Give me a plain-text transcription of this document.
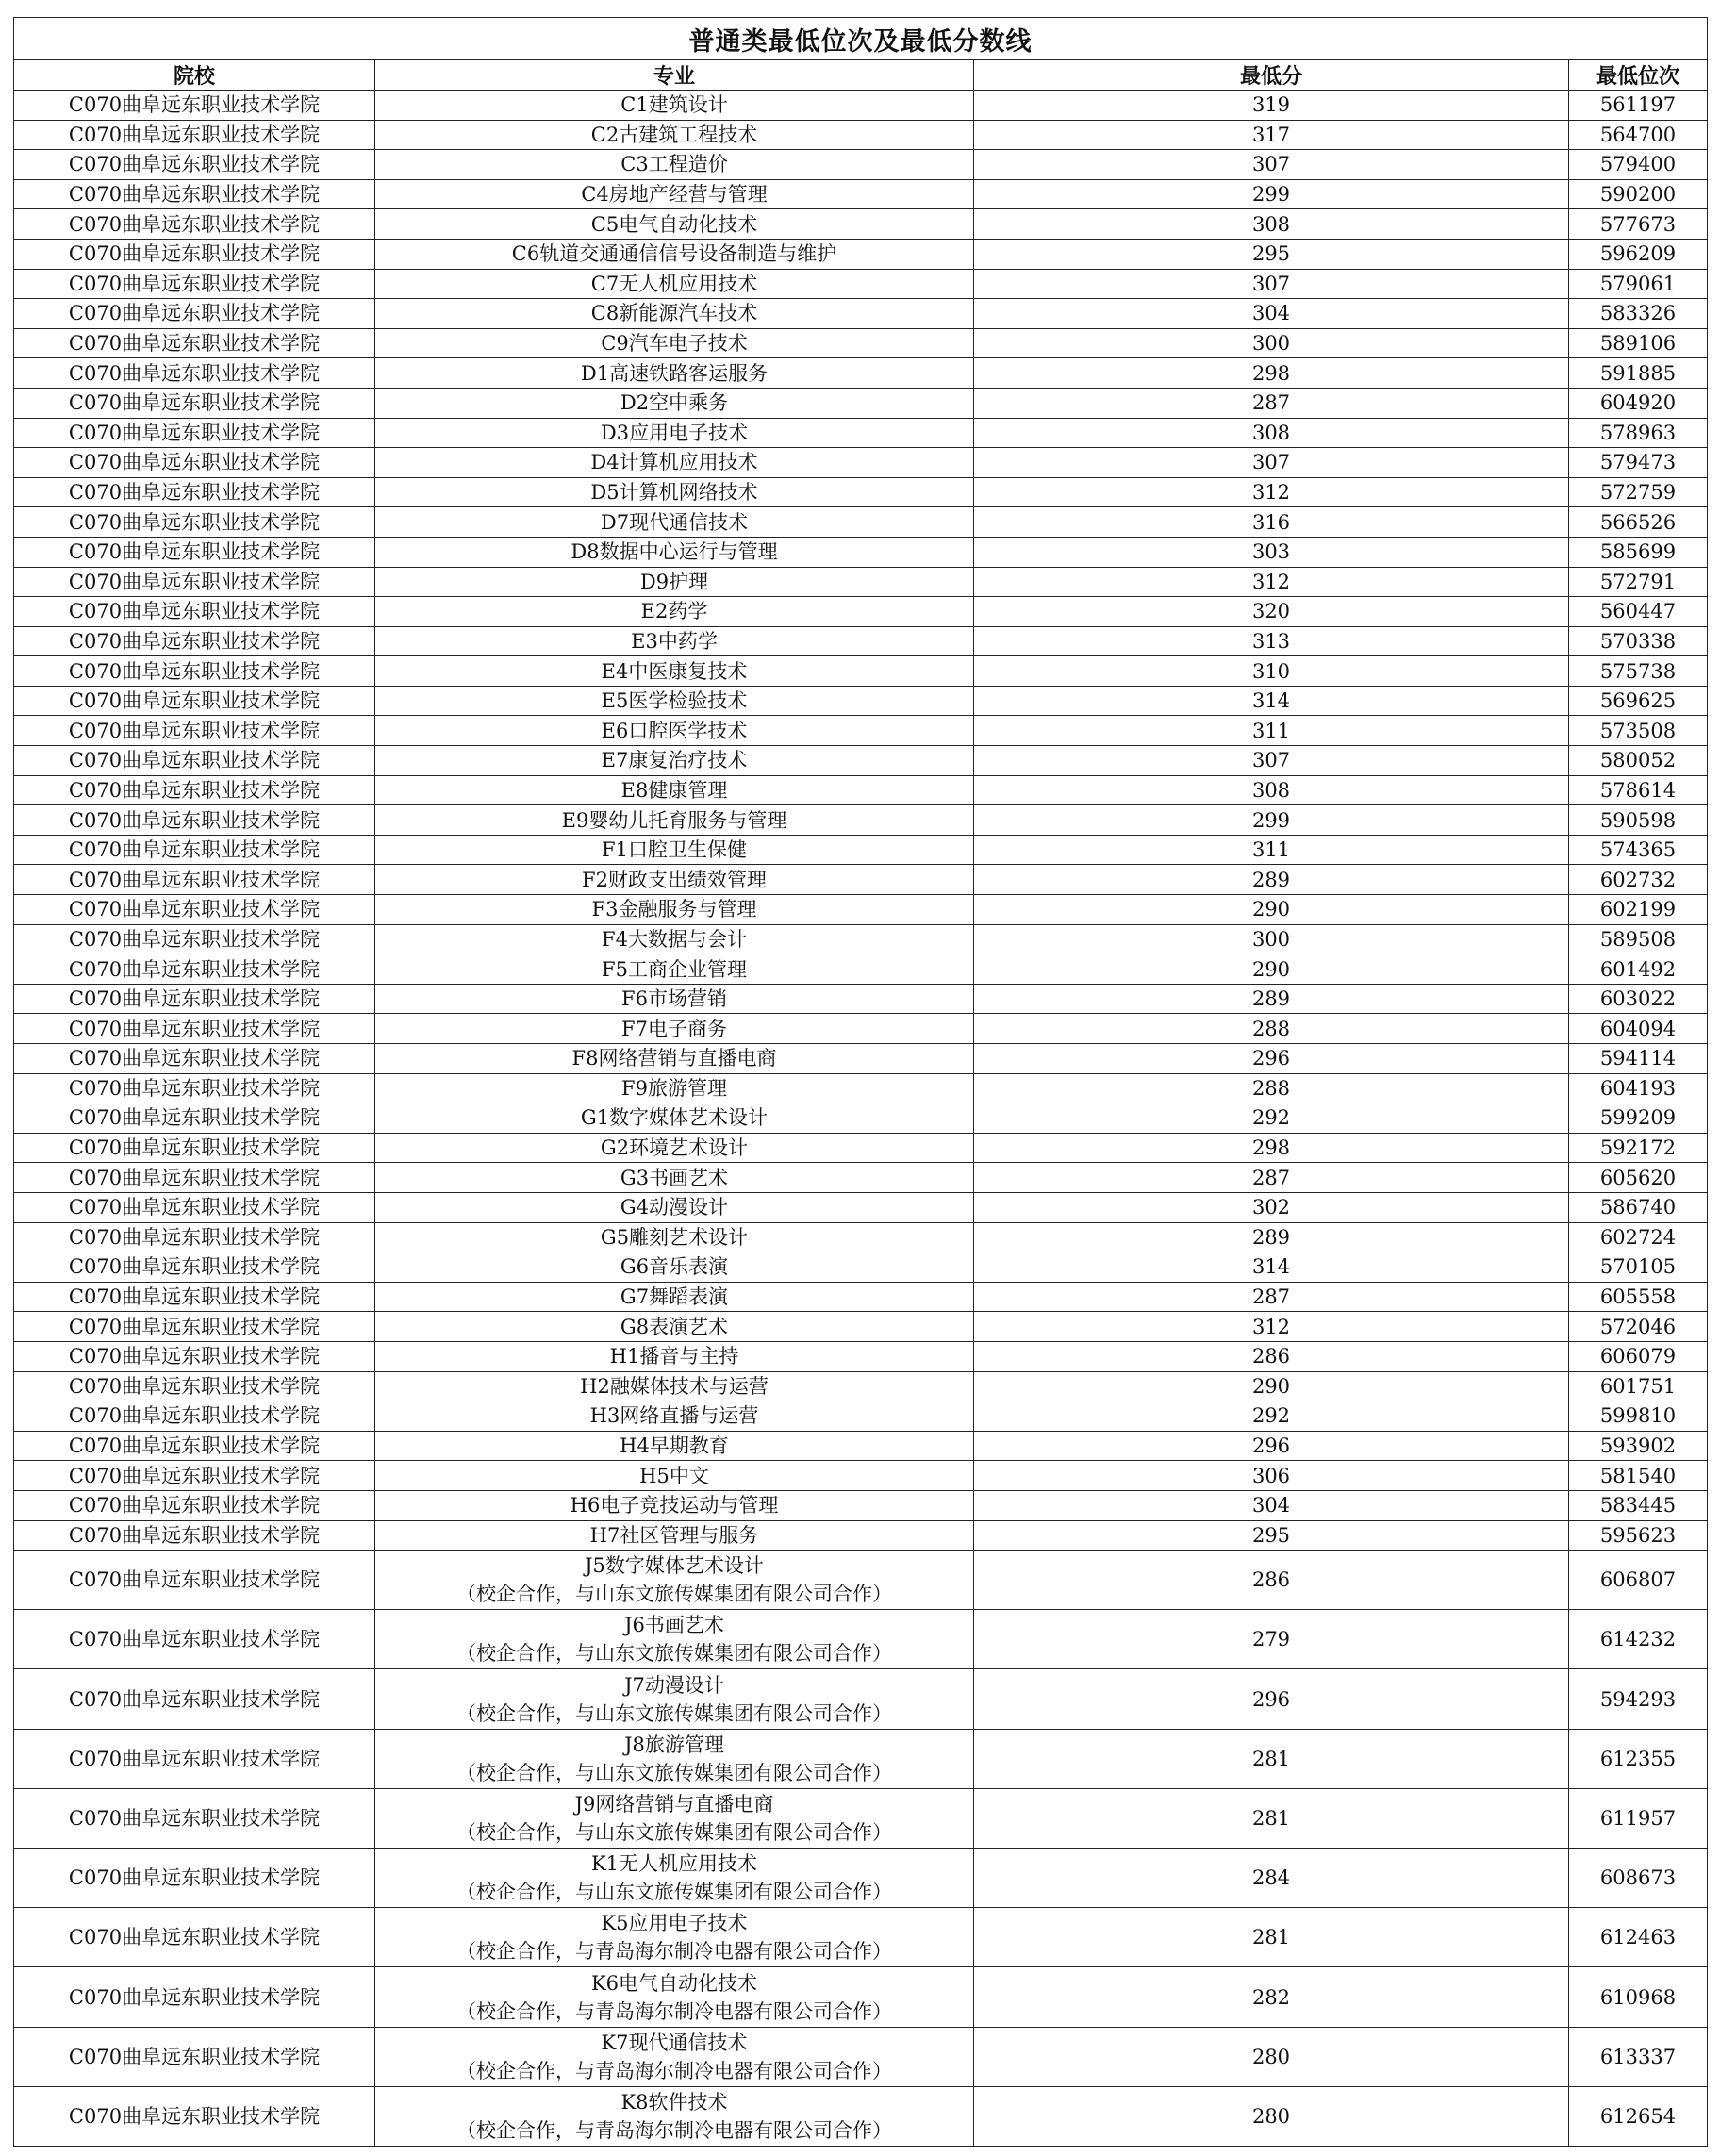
普通类最低位次及最低分数线			
院校	专业	最低分	最低位次
C070曲阜远东职业技术学院	C1建筑设计	319	561197
C070曲阜远东职业技术学院	C2古建筑工程技术	317	564700
C070曲阜远东职业技术学院	C3工程造价	307	579400
C070曲阜远东职业技术学院	C4房地产经营与管理	299	590200
C070曲阜远东职业技术学院	C5电气自动化技术	308	577673
C070曲阜远东职业技术学院	C6轨道交通通信信号设备制造与维护	295	596209
C070曲阜远东职业技术学院	C7无人机应用技术	307	579061
C070曲阜远东职业技术学院	C8新能源汽车技术	304	583326
C070曲阜远东职业技术学院	C9汽车电子技术	300	589106
C070曲阜远东职业技术学院	D1高速铁路客运服务	298	591885
C070曲阜远东职业技术学院	D2空中乘务	287	604920
C070曲阜远东职业技术学院	D3应用电子技术	308	578963
C070曲阜远东职业技术学院	D4计算机应用技术	307	579473
C070曲阜远东职业技术学院	D5计算机网络技术	312	572759
C070曲阜远东职业技术学院	D7现代通信技术	316	566526
C070曲阜远东职业技术学院	D8数据中心运行与管理	303	585699
C070曲阜远东职业技术学院	D9护理	312	572791
C070曲阜远东职业技术学院	E2药学	320	560447
C070曲阜远东职业技术学院	E3中药学	313	570338
C070曲阜远东职业技术学院	E4中医康复技术	310	575738
C070曲阜远东职业技术学院	E5医学检验技术	314	569625
C070曲阜远东职业技术学院	E6口腔医学技术	311	573508
C070曲阜远东职业技术学院	E7康复治疗技术	307	580052
C070曲阜远东职业技术学院	E8健康管理	308	578614
C070曲阜远东职业技术学院	E9婴幼儿托育服务与管理	299	590598
C070曲阜远东职业技术学院	F1口腔卫生保健	311	574365
C070曲阜远东职业技术学院	F2财政支出绩效管理	289	602732
C070曲阜远东职业技术学院	F3金融服务与管理	290	602199
C070曲阜远东职业技术学院	F4大数据与会计	300	589508
C070曲阜远东职业技术学院	F5工商企业管理	290	601492
C070曲阜远东职业技术学院	F6市场营销	289	603022
C070曲阜远东职业技术学院	F7电子商务	288	604094
C070曲阜远东职业技术学院	F8网络营销与直播电商	296	594114
C070曲阜远东职业技术学院	F9旅游管理	288	604193
C070曲阜远东职业技术学院	G1数字媒体艺术设计	292	599209
C070曲阜远东职业技术学院	G2环境艺术设计	298	592172
C070曲阜远东职业技术学院	G3书画艺术	287	605620
C070曲阜远东职业技术学院	G4动漫设计	302	586740
C070曲阜远东职业技术学院	G5雕刻艺术设计	289	602724
C070曲阜远东职业技术学院	G6音乐表演	314	570105
C070曲阜远东职业技术学院	G7舞蹈表演	287	605558
C070曲阜远东职业技术学院	G8表演艺术	312	572046
C070曲阜远东职业技术学院	H1播音与主持	286	606079
C070曲阜远东职业技术学院	H2融媒体技术与运营	290	601751
C070曲阜远东职业技术学院	H3网络直播与运营	292	599810
C070曲阜远东职业技术学院	H4早期教育	296	593902
C070曲阜远东职业技术学院	H5中文	306	581540
C070曲阜远东职业技术学院	H6电子竞技运动与管理	304	583445
C070曲阜远东职业技术学院	H7社区管理与服务	295	595623
C070曲阜远东职业技术学院	J5数字媒体艺术设计
（校企合作，与山东文旅传媒集团有限公司合作）	286	606807
C070曲阜远东职业技术学院	J6书画艺术
（校企合作，与山东文旅传媒集团有限公司合作）	279	614232
C070曲阜远东职业技术学院	J7动漫设计
（校企合作，与山东文旅传媒集团有限公司合作）	296	594293
C070曲阜远东职业技术学院	J8旅游管理
（校企合作，与山东文旅传媒集团有限公司合作）	281	612355
C070曲阜远东职业技术学院	J9网络营销与直播电商
（校企合作，与山东文旅传媒集团有限公司合作）	281	611957
C070曲阜远东职业技术学院	K1无人机应用技术
（校企合作，与山东文旅传媒集团有限公司合作）	284	608673
C070曲阜远东职业技术学院	K5应用电子技术
（校企合作，与青岛海尔制冷电器有限公司合作）	281	612463
C070曲阜远东职业技术学院	K6电气自动化技术
（校企合作，与青岛海尔制冷电器有限公司合作）	282	610968
C070曲阜远东职业技术学院	K7现代通信技术
（校企合作，与青岛海尔制冷电器有限公司合作）	280	613337
C070曲阜远东职业技术学院	K8软件技术
（校企合作，与青岛海尔制冷电器有限公司合作）	280	612654
